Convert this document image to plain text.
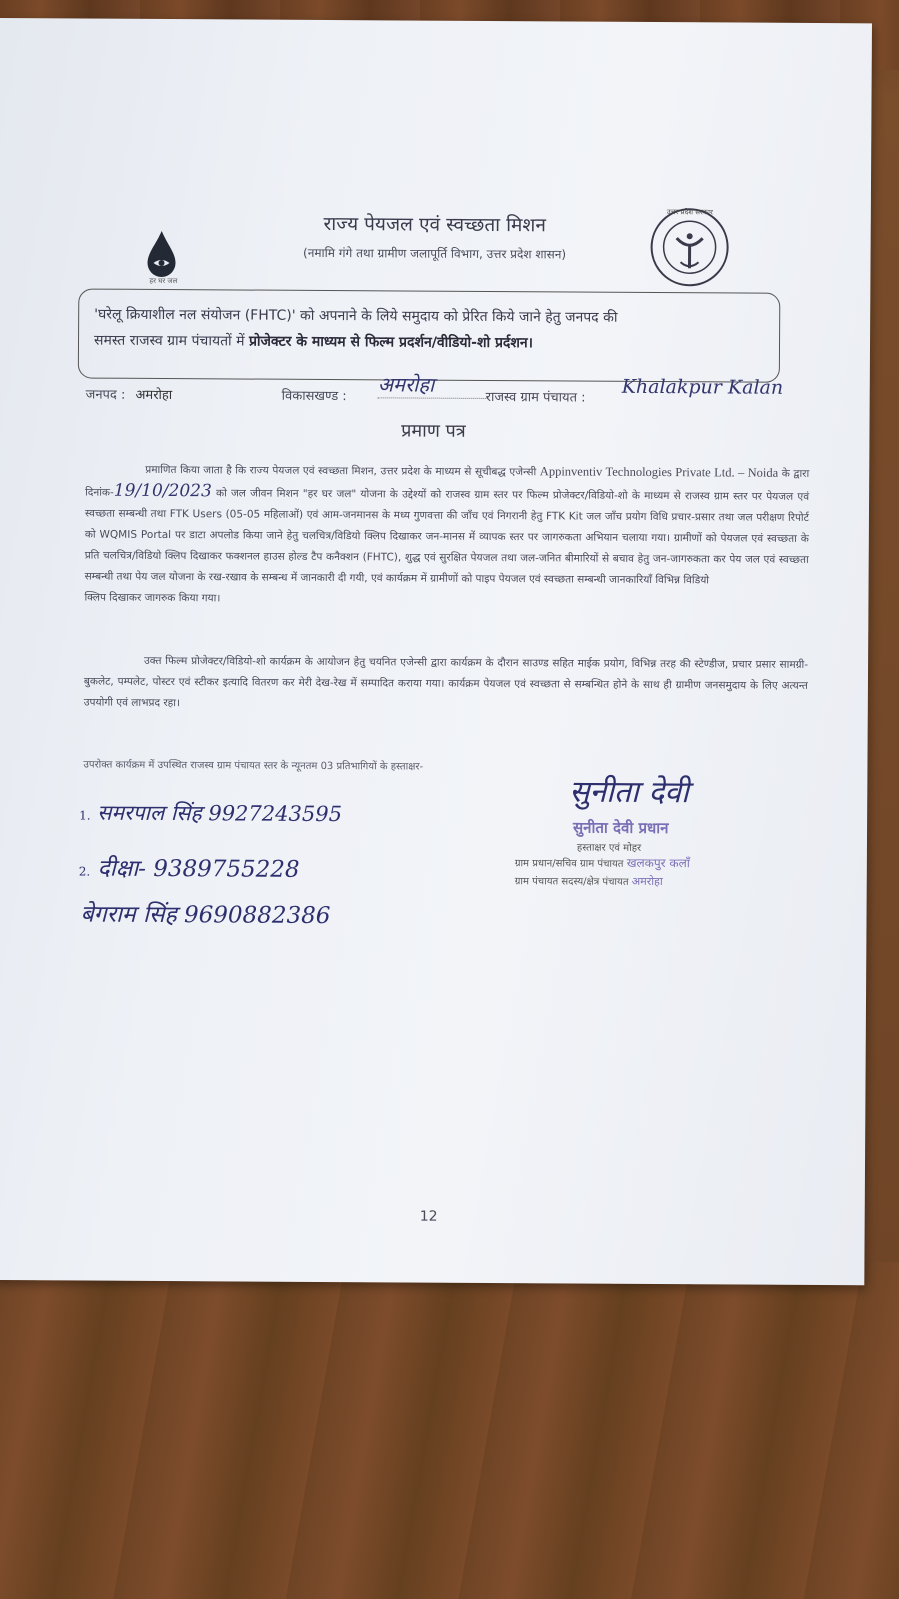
हर घर जल
राज्य पेयजल एवं स्वच्छता मिशन
(नमामि गंगे तथा ग्रामीण जलापूर्ति विभाग, उत्तर प्रदेश शासन)
उत्तर प्रदेश सरकार
'घरेलू क्रियाशील नल संयोजन (FHTC)' को अपनाने के लिये समुदाय को प्रेरित किये जाने हेतु जनपद की
समस्त राजस्व ग्राम पंचायतों में प्रोजेक्टर के माध्यम से फिल्म प्रदर्शन/वीडियो-शो प्रर्दशन।
जनपद : अमरोहा	विकासखण्ड : अमरोहा
राजस्व ग्राम पंचायत : Khalakpur Kalan
प्रमाण पत्र

प्रमाणित किया जाता है कि राज्य पेयजल एवं स्वच्छता मिशन, उत्तर प्रदेश के माध्यम से सूचीबद्ध एजेन्सी Appinventiv Technologies Private Ltd. – Noida के द्वारा दिनांक-19/10/2023 को जल जीवन मिशन "हर घर जल" योजना के उद्देश्यों को राजस्व ग्राम स्तर पर फिल्म प्रोजेक्टर/विडियो-शो के माध्यम से राजस्व ग्राम स्तर पर पेयजल एवं स्वच्छता सम्बन्धी तथा FTK Users (05-05 महिलाओं) एवं आम-जनमानस के मध्य गुणवत्ता की जाँच एवं निगरानी हेतु FTK Kit जल जाँच प्रयोग विधि प्रचार-प्रसार तथा जल परीक्षण रिपोर्ट को WQMIS Portal पर डाटा अपलोड किया जाने हेतु चलचित्र/विडियो क्लिप दिखाकर जन-मानस में व्यापक स्तर पर जागरुकता अभियान चलाया गया। ग्रामीणों को पेयजल एवं स्वच्छता के प्रति चलचित्र/विडियो क्लिप दिखाकर फक्शनल हाउस होल्ड टैप कनैक्शन (FHTC), शुद्ध एवं सुरक्षित पेयजल तथा जल-जनित बीमारियों से बचाव हेतु जन-जागरुकता कर पेय जल एवं स्वच्छता सम्बन्धी तथा पेय जल योजना के रख-रखाव के सम्बन्ध में जानकारी दी गयी, एवं कार्यक्रम में ग्रामीणों को पाइप पेयजल एवं स्वच्छता सम्बन्धी जानकारियाँ विभिन्न विडियो

क्लिप दिखाकर जागरुक किया गया।

उक्त फिल्म प्रोजेक्टर/विडियो-शो कार्यक्रम के आयोजन हेतु चयनित एजेन्सी द्वारा कार्यक्रम के दौरान साउण्ड सहित माईक प्रयोग, विभिन्न तरह की स्टेण्डीज, प्रचार प्रसार सामग्री-बुकलेट, पम्पलेट, पोस्टर एवं स्टीकर इत्यादि वितरण कर मेरी देख-रेख में सम्पादित कराया गया। कार्यक्रम पेयजल एवं स्वच्छता से सम्बन्धित होने के साथ ही ग्रामीण जनसमुदाय के लिए अत्यन्त उपयोगी एवं लाभप्रद रहा।

उपरोक्त कार्यक्रम में उपस्थित राजस्व ग्राम पंचायत स्तर के न्यूनतम 03 प्रतिभागियों के हस्ताक्षर-
1. समरपाल सिंह 9927243595
2. दीक्षा- 9389755228
बेगराम सिंह 9690882386
सुनीता देवी
सुनीता देवी प्रधान
हस्ताक्षर एवं मोहर
ग्राम प्रधान/सचिव ग्राम पंचायत खलकपुर कलाँ
ग्राम पंचायत सदस्य/क्षेत्र पंचायत अमरोहा
12
